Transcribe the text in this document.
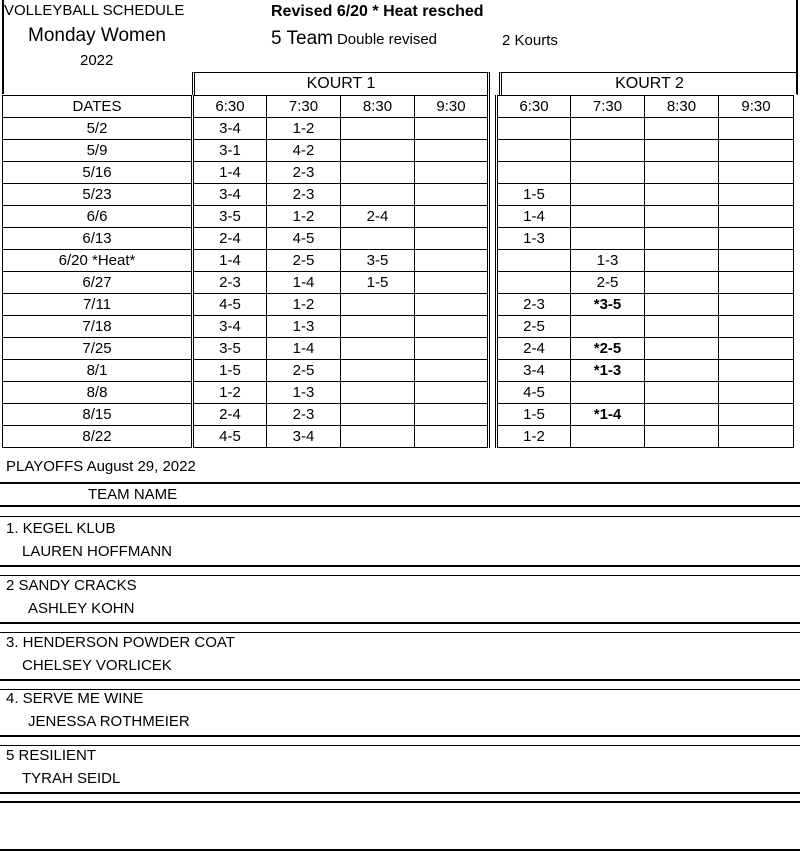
VOLLEYBALL SCHEDULE
Monday Women
2022
Revised 6/20 * Heat resched
5 Team Double revised	2 Kourts
KOURT 1	KOURT 2
DATES	6:30	7:30	8:30	9:30		6:30	7:30	8:30	9:30
5/2	3-4	1-2							
5/9	3-1	4-2							
5/16	1-4	2-3							
5/23	3-4	2-3				1-5			
6/6	3-5	1-2	2-4			1-4			
6/13	2-4	4-5				1-3			
6/20 *Heat*	1-4	2-5	3-5				1-3		
6/27	2-3	1-4	1-5				2-5		
7/11	4-5	1-2				2-3	*3-5		
7/18	3-4	1-3				2-5			
7/25	3-5	1-4				2-4	*2-5		
8/1	1-5	2-5				3-4	*1-3		
8/8	1-2	1-3				4-5			
8/15	2-4	2-3				1-5	*1-4		
8/22	4-5	3-4				1-2			
PLAYOFFS August 29, 2022
TEAM NAME
1. KEGEL KLUB
LAUREN HOFFMANN
2 SANDY CRACKS
ASHLEY KOHN
3. HENDERSON POWDER COAT
CHELSEY VORLICEK
4. SERVE ME WINE
JENESSA ROTHMEIER
5 RESILIENT
TYRAH SEIDL
